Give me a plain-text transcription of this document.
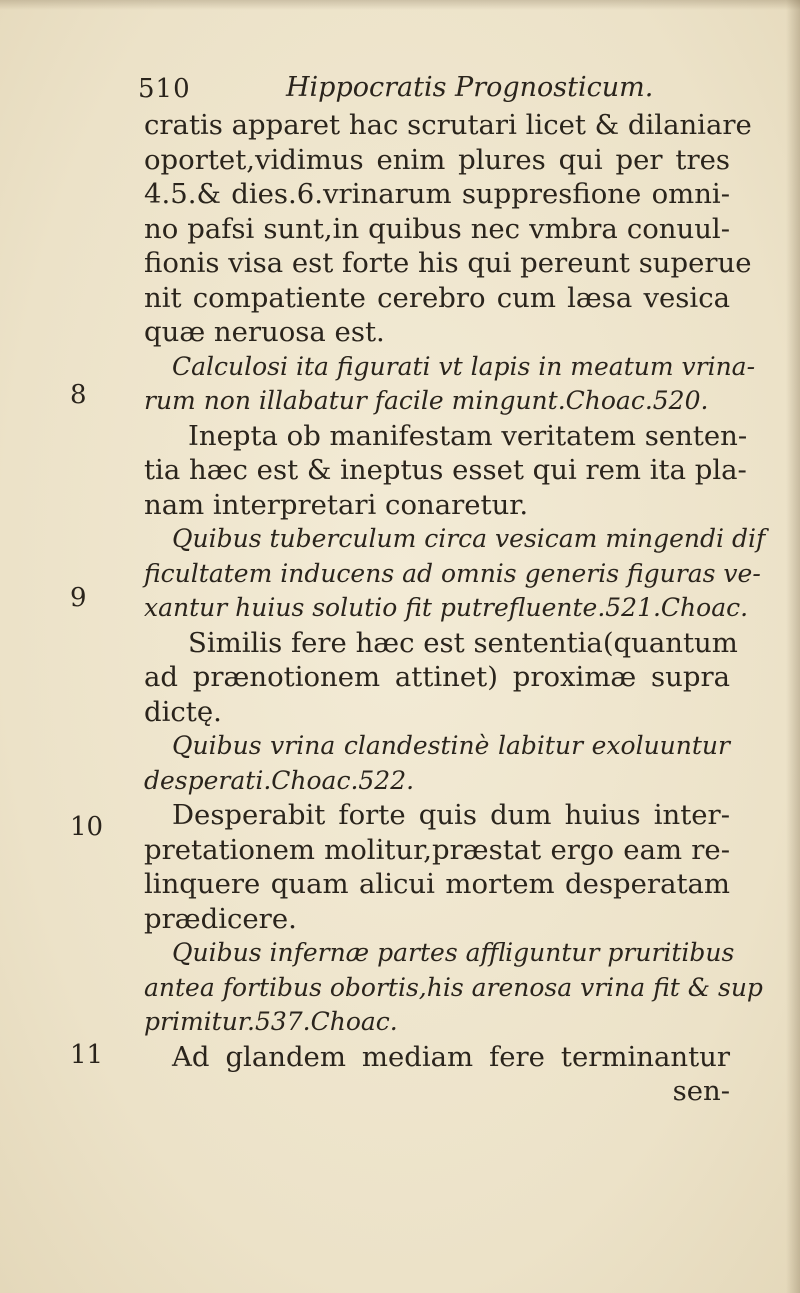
510	Hippocratis Prognosticum.
8
9
10
11
cratis apparet hac scrutari licet & dilaniare
oportet,vidimus enim plures qui per tres
4.5.& dies.6.vrinarum suppresfione omni-
no pafsi sunt,in quibus nec vmbra conuul-
fionis visa est forte his qui pereunt superue
nit compatiente cerebro cum læsa vesica
quæ neruosa est.
Calculosi ita figurati vt lapis in meatum vrina-
rum non illabatur facile mingunt.Choac.520.
Inepta ob manifestam veritatem senten-
tia hæc est & ineptus esset qui rem ita pla-
nam interpretari conaretur.
Quibus tuberculum circa vesicam mingendi dif
ficultatem inducens ad omnis generis figuras ve-
xantur huius solutio fit putrefluente.521.Choac.
Similis fere hæc est sententia(quantum
ad prænotionem attinet) proximæ supra
dictę.
Quibus vrina clandestinè labitur exoluuntur
desperati.Choac.522.
Desperabit forte quis dum huius inter-
pretationem molitur,præstat ergo eam re-
linquere quam alicui mortem desperatam
prædicere.
Quibus infernæ partes affliguntur pruritibus
antea fortibus obortis,his arenosa vrina fit & sup
primitur.537.Choac.
Ad glandem mediam fere terminantur
sen-
